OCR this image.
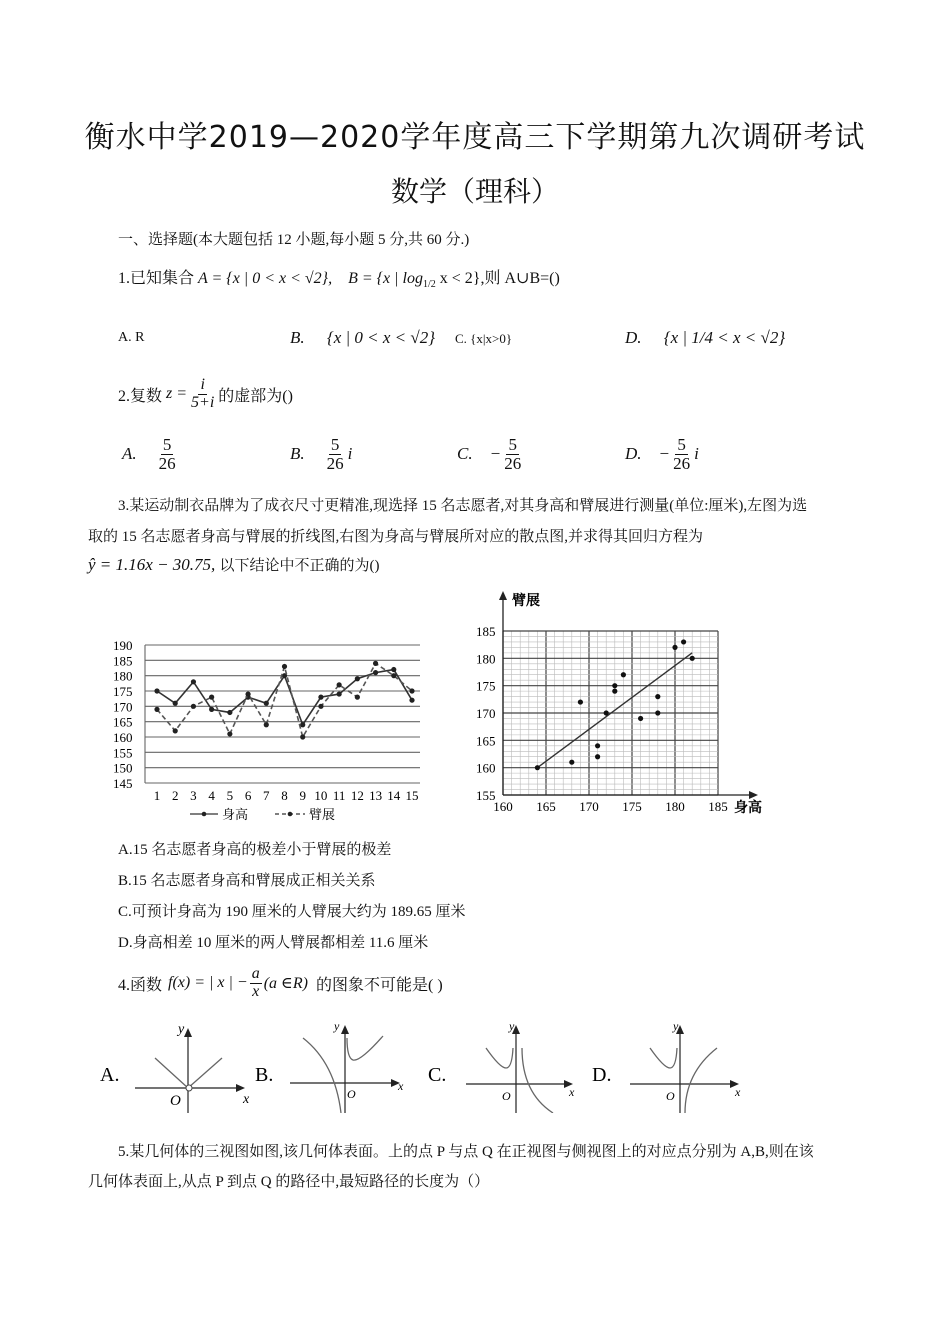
衡水中学2019—2020学年度高三下学期第九次调研考试
数学（理科）
一、选择题(本大题包括 12 小题,每小题 5 分,共 60 分.)
1.已知集合 A = {x | 0 < x < √2}, B = {x | $\log_{1/2} x < 2$},则 A∪B=()
A. R	B. {x | 0 < x < √2} C. {x|x>0}	D. {x | 1/4 < x < √2}
2.复数 $z = \frac{i}{5+i}$ 的虚部为()
A. $\frac{5}{26}$	B. $\frac{5}{26}$ i	C. − $\frac{5}{26}$	D. − $\frac{5}{26}$ i
3.某运动制衣品牌为了成衣尺寸更精准,现选择 15 名志愿者,对其身高和臂展进行测量(单位:厘米),左图为选
取的 15 名志愿者身高与臂展的折线图,右图为身高与臂展所对应的散点图,并求得其回归方程为
ŷ = 1.16x − 30.75, 以下结论中不正确的为()
145
150
155
160
165
170
175
180
185
190
1 2 3 4 5 6 7 8 9 10 11 12 13 14 15
身高	臂展
155
160
165
170
175
180
185
160 165 170 175 180 185
臂展
身高
A.15 名志愿者身高的极差小于臂展的极差
B.15 名志愿者身高和臂展成正相关关系
C.可预计身高为 190 厘米的人臂展大约为 189.65 厘米
D.身高相差 10 厘米的两人臂展都相差 11.6 厘米
4.函数 f(x) = | x | − $\frac{a}{x} (a$ ∈R) 的图象不可能是( )
A.
y
O	x
B.
y
O
x C.
y
O	x
D.
y
O	x
5.某几何体的三视图如图,该几何体表面。上的点 P 与点 Q 在正视图与侧视图上的对应点分别为 A,B,则在该
几何体表面上,从点 P 到点 Q 的路径中,最短路径的长度为（）
